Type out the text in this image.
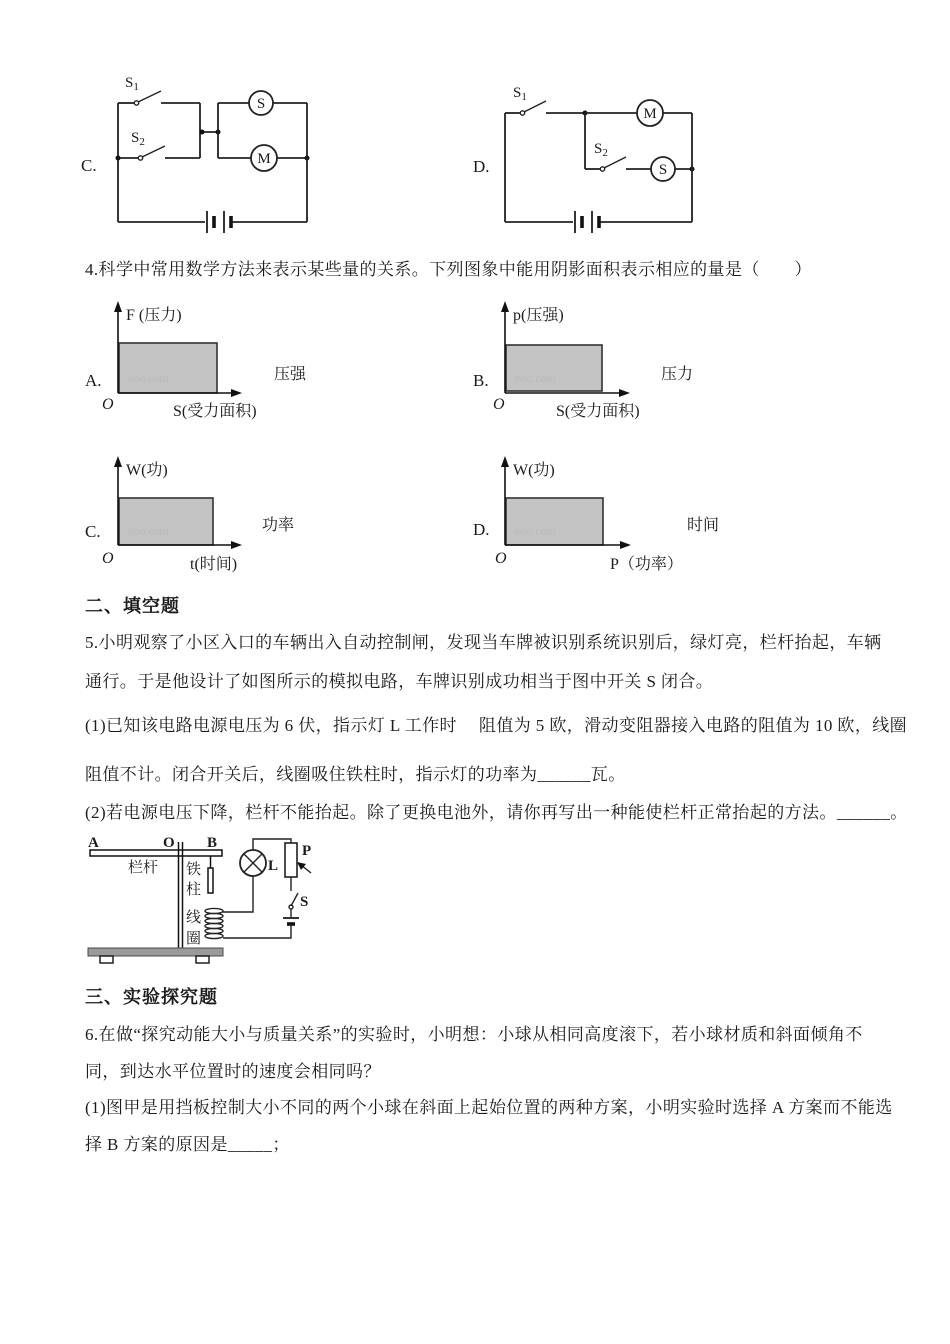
C.
$S_1$
$S_2$
S
M	D.
$S_1$
M
$S_2$
S
4.科学中常用数学方法来表示某些量的关系。下列图象中能用阴影面积表示相应的量是（　　）
A. eoo.com
F (压力)
O	S(受力面积)
压强	B. eoo.com
p(压强)
O	S(受力面积)
压力
C. eoo.com
W(功)
O	t(时间)
功率	D. eoo.com
W(功)
O	P（功率）
时间
二、填空题
5.小明观察了小区入口的车辆出入自动控制闸，发现当车牌被识别系统识别后，绿灯亮，栏杆抬起，车辆
通行。于是他设计了如图所示的模拟电路，车牌识别成功相当于图中开关 S 闭合。
(1)已知该电路电源电压为 6 伏，指示灯 L 工作时　 阻值为 5 欧，滑动变阻器接入电路的阻值为 10 欧，线圈
阻值不计。闭合开关后，线圈吸住铁柱时，指示灯的功率为______瓦。
(2)若电源电压下降，栏杆不能抬起。除了更换电池外，请你再写出一种能使栏杆正常抬起的方法。______。
A	O B
栏杆 铁
柱
线
圈
L
P
S
三、实验探究题
6.在做“探究动能大小与质量关系”的实验时，小明想：小球从相同高度滚下，若小球材质和斜面倾角不
同，到达水平位置时的速度会相同吗？
(1)图甲是用挡板控制大小不同的两个小球在斜面上起始位置的两种方案，小明实验时选择 A 方案而不能选
择 B 方案的原因是_____；
